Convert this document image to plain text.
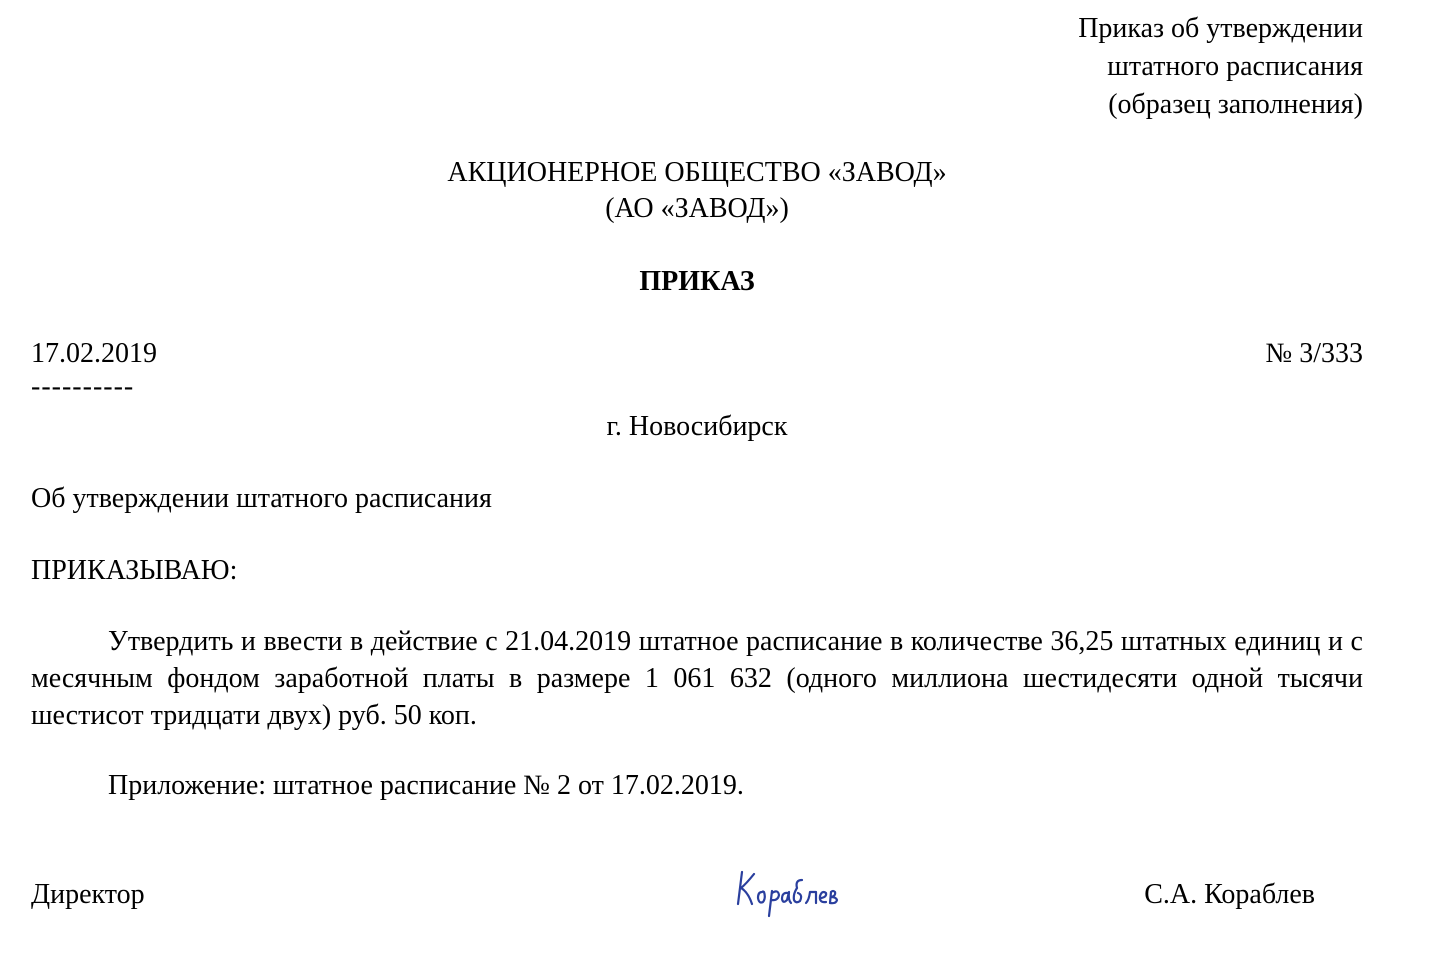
Приказ об утверждении
штатного расписания
(образец заполнения)
АКЦИОНЕРНОЕ ОБЩЕСТВО «ЗАВОД»
(АО «ЗАВОД»)
ПРИКАЗ
17.02.2019	№ 3/333
----------
г. Новосибирск
Об утверждении штатного расписания
ПРИКАЗЫВАЮ:
Утвердить и ввести в действие с 21.04.2019 штатное расписание в количестве 36,25 штатных единиц и с месячным фондом заработной платы в размере 1 061 632 (одного миллиона шестидесяти одной тысячи шестисот тридцати двух) руб. 50 коп.
Приложение: штатное расписание № 2 от 17.02.2019.
Директор	С.А. Кораблев
